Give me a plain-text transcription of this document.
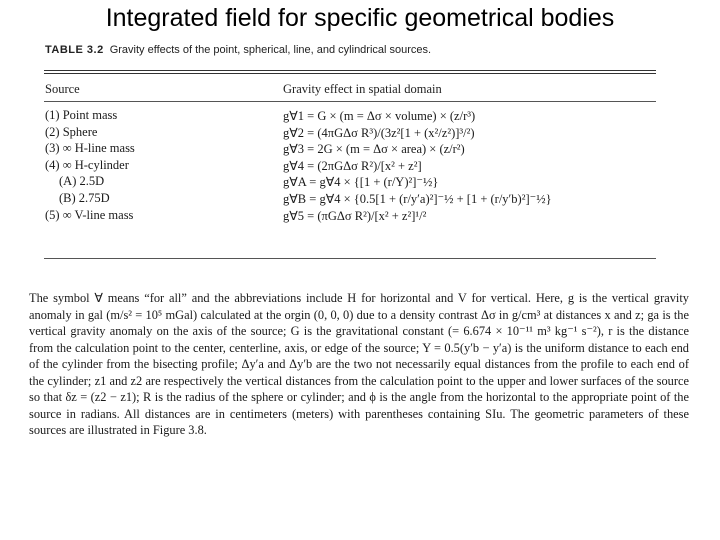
Integrated field for specific geometrical bodies
TABLE 3.2 Gravity effects of the point, spherical, line, and cylindrical sources.
Source	Gravity effect in spatial domain
(1) Point mass	g∀1 = G × (m = Δσ × volume) × (z/r³)
(2) Sphere	g∀2 = (4πGΔσ R³)/(3z²[1 + (x²/z²)]³/²)
(3) ∞ H-line mass	g∀3 = 2G × (m = Δσ × area) × (z/r²)
(4) ∞ H-cylinder	g∀4 = (2πGΔσ R²)/[x² + z²]
(A) 2.5D	g∀A = g∀4 × {[1 + (r/Y)²]⁻½}
(B) 2.75D	g∀B = g∀4 × {0.5[1 + (r/y′a)²]⁻½ + [1 + (r/y′b)²]⁻½}
(5) ∞ V-line mass	g∀5 = (πGΔσ R²)/[x² + z²]¹/²
The symbol ∀ means “for all” and the abbreviations include H for horizontal and V for vertical. Here, g is the vertical gravity anomaly in gal (m/s² = 10⁵ mGal) calculated at the orgin (0, 0, 0) due to a density contrast Δσ in g/cm³ at distances x and z; ga is the vertical gravity anomaly on the axis of the source; G is the gravitational constant (= 6.674 × 10⁻¹¹ m³ kg⁻¹ s⁻²), r is the distance from the calculation point to the center, centerline, axis, or edge of the source; Y = 0.5(y′b − y′a) is the uniform distance to each end of the cylinder from the bisecting profile; Δy′a and Δy′b are the two not necessarily equal distances from the profile to each end of the cylinder; z1 and z2 are respectively the vertical distances from the calculation point to the upper and lower surfaces of the source so that δz = (z2 − z1); R is the radius of the sphere or cylinder; and ϕ is the angle from the horizontal to the appropriate point of the source in radians. All distances are in centimeters (meters) with parentheses containing SIu. The geometric parameters of these sources are illustrated in Figure 3.8.
